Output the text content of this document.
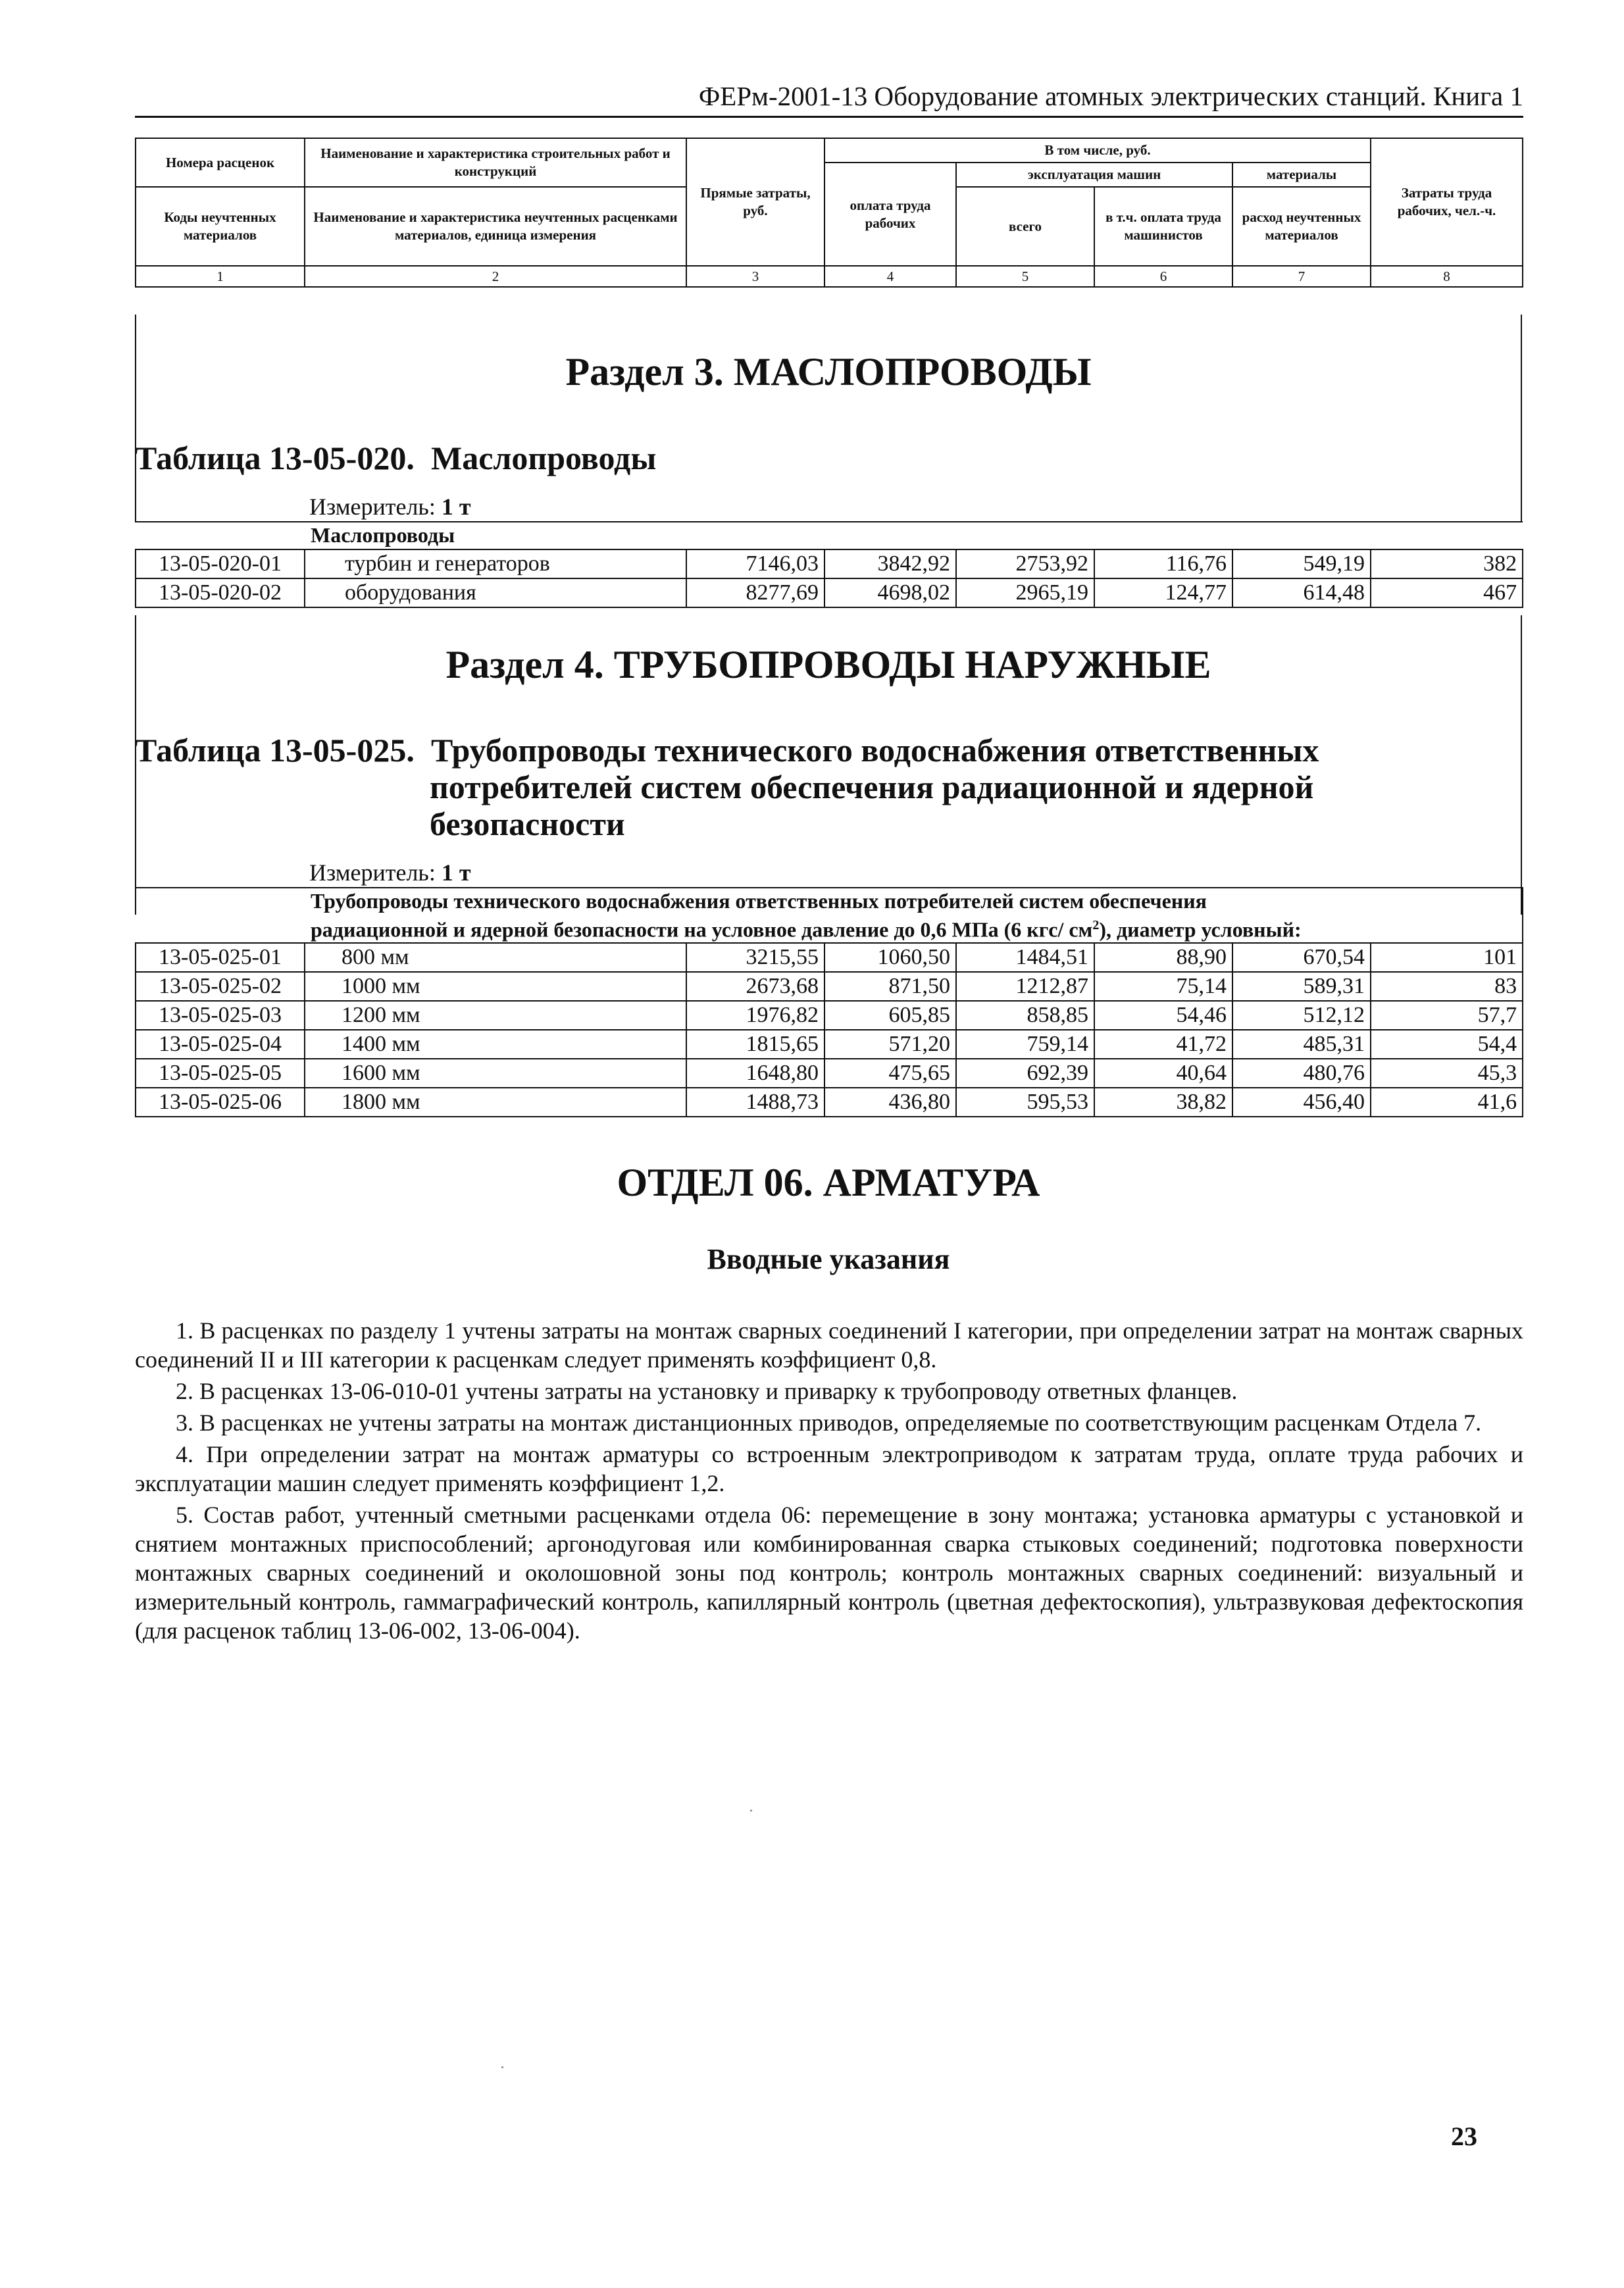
ФЕРм-2001-13 Оборудование атомных электрических станций. Книга 1
Номера расценок	Наименование и характеристика строительных работ и конструкций	Прямые затраты, руб.	В том числе, руб.				Затраты труда рабочих, чел.-ч.
			оплата труда рабочих	эксплуатация машин		материалы	
Коды неучтенных материалов	Наименование и характеристика неучтенных расценками материалов, единица измерения			всего	в т.ч. оплата труда машинистов	расход неучтенных материалов	

1	2	3	4	5	6	7	8
Раздел 3. МАСЛОПРОВОДЫ
Таблица 13-05-020. Маслопроводы
Измеритель: 1 т
Маслопроводы							
13-05-020-01	турбин и генераторов	7146,03	3842,92	2753,92	116,76	549,19	382
13-05-020-02	оборудования	8277,69	4698,02	2965,19	124,77	614,48	467
Раздел 4. ТРУБОПРОВОДЫ НАРУЖНЫЕ
Таблица 13-05-025. Трубопроводы технического водоснабжения ответственных
потребителей систем обеспечения радиационной и ядерной
безопасности
Измеритель: 1 т
Трубопроводы технического водоснабжения ответственных потребителей систем обеспечения
радиационной и ядерной безопасности на условное давление до 0,6 МПа (6 кгс/ $см^2$), диаметр условный:							

13-05-025-01	800 мм	3215,55	1060,50	1484,51	88,90	670,54	101
13-05-025-02	1000 мм	2673,68	871,50	1212,87	75,14	589,31	83
13-05-025-03	1200 мм	1976,82	605,85	858,85	54,46	512,12	57,7
13-05-025-04	1400 мм	1815,65	571,20	759,14	41,72	485,31	54,4
13-05-025-05	1600 мм	1648,80	475,65	692,39	40,64	480,76	45,3
13-05-025-06	1800 мм	1488,73	436,80	595,53	38,82	456,40	41,6
ОТДЕЛ 06. АРМАТУРА
Вводные указания

1. В расценках по разделу 1 учтены затраты на монтаж сварных соединений I категории, при определении затрат на монтаж сварных соединений II и III категории к расценкам следует применять коэффициент 0,8.

2. В расценках 13-06-010-01 учтены затраты на установку и приварку к трубопроводу ответных фланцев.

3. В расценках не учтены затраты на монтаж дистанционных приводов, определяемые по соответствующим расценкам Отдела 7.

4. При определении затрат на монтаж арматуры со встроенным электроприводом к затратам труда, оплате труда рабочих и эксплуатации машин следует применять коэффициент 1,2.

5. Состав работ, учтенный сметными расценками отдела 06: перемещение в зону монтажа; установка арматуры с установкой и снятием монтажных приспособлений; аргонодуговая или комбинированная сварка стыковых соединений; подготовка поверхности монтажных сварных соединений и околошовной зоны под контроль; контроль монтажных сварных соединений: визуальный и измерительный контроль, гаммаграфический контроль, капиллярный контроль (цветная дефектоскопия), ультразвуковая дефектоскопия (для расценок таблиц 13-06-002, 13-06-004).

23
